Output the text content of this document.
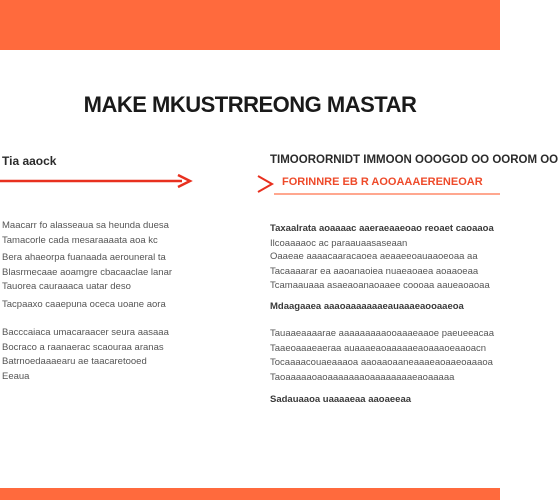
MAKE MKUSTRREONG MASTAR
Tia aaock
Maacarr fo alasseaua sa heunda duesa
Tamacorle cada mesaraaaata aoa kc
Bera ahaeorpa fuanaada aerouneral ta
Blasrmecaae aoamgre cbacaaclae lanar
Tauorea cauraaaca uatar deso
Tacpaaxo caaepuna oceca uoane aora
Bacccaiaca umacaraacer seura aasaaa
Bocraco a raanaerac scaouraa aranas
Batrnoedaaaearu ae taacaretooed
Eeaua
TIMOORORNIDT IMMOON OOOGOD OO OOROM OO
FORINNRE EB R AOOAAAERENEOAR
Taxaalrata aoaaaac aaeraeaaeoao reoaet caoaaoa
Ilcoaaaaoc ac paraauaasaseaan
Oaaeae aaaacaaracaoea aeaaeeoauaaoeoaa aa
Tacaaaarar ea aaoanaoiea nuaeaoaea aoaaoeaa
Tcamaauaaa asaeaoanaoaaee coooaa aaueaoaoaa
Mdaagaaea aaaoaaaaaaaeauaaaeaooaaeoa
Tauaaeaaaarae aaaaaaaaaooaaaeaaoe paeueeacaa
Taaeoaaaeaeraa auaaaeaoaaaaaeaoaaaoeaaoacn
Tocaaaacouaeaaaoa aaoaaoaaneaaaeaoaaeoaaaoa
Taoaaaaaoaoaaaaaaaoaaaaaaaaeaoaaaaa
Sadauaaoa uaaaaeaa aaoaeeaa
